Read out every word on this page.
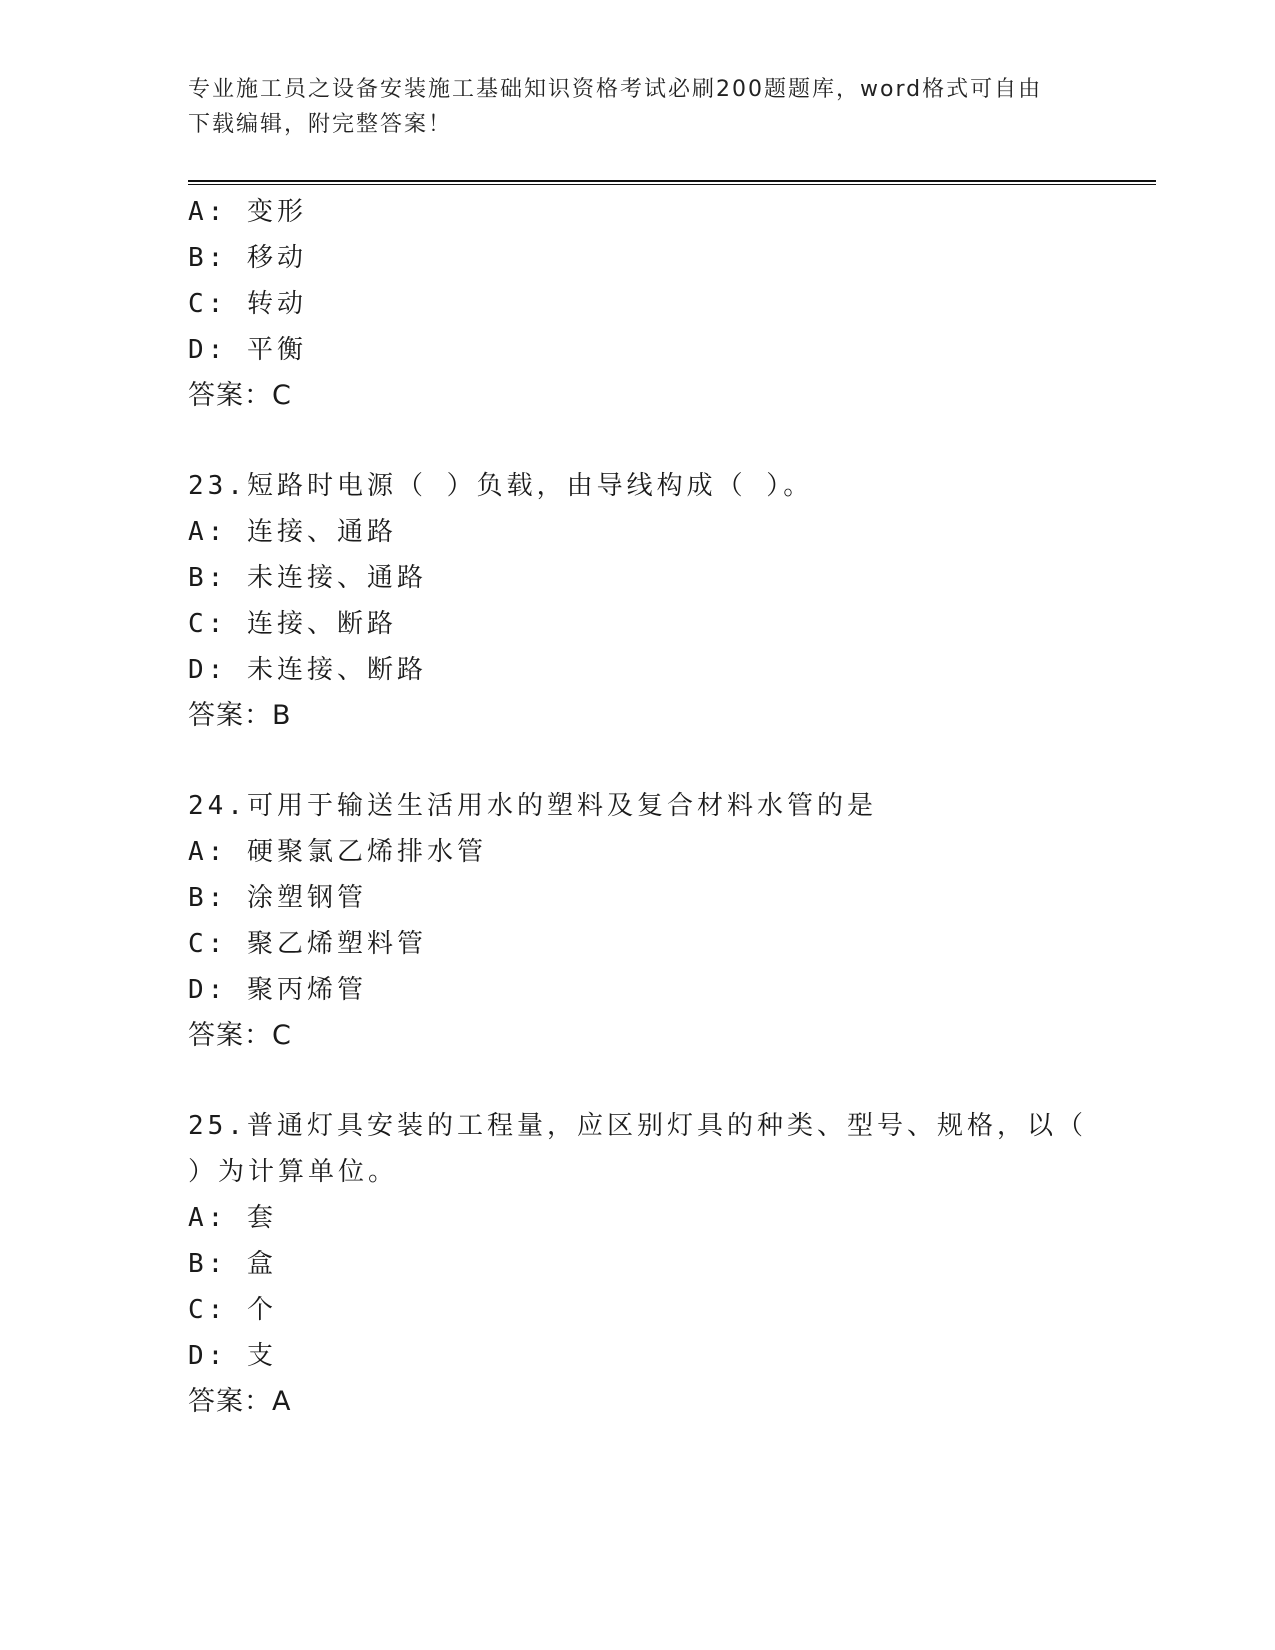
专业施工员之设备安装施工基础知识资格考试必刷200题题库，word格式可自由
下载编辑，附完整答案！
A: 变形
B: 移动
C: 转动
D: 平衡
答案：C
23.短路时电源（ ）负载，由导线构成（ ）。
A: 连接、通路
B: 未连接、通路
C: 连接、断路
D: 未连接、断路
答案：B
24.可用于输送生活用水的塑料及复合材料水管的是
A: 硬聚氯乙烯排水管
B: 涂塑钢管
C: 聚乙烯塑料管
D: 聚丙烯管
答案：C
25.普通灯具安装的工程量，应区别灯具的种类、型号、规格，以（
）为计算单位。
A: 套
B: 盒
C: 个
D: 支
答案：A
